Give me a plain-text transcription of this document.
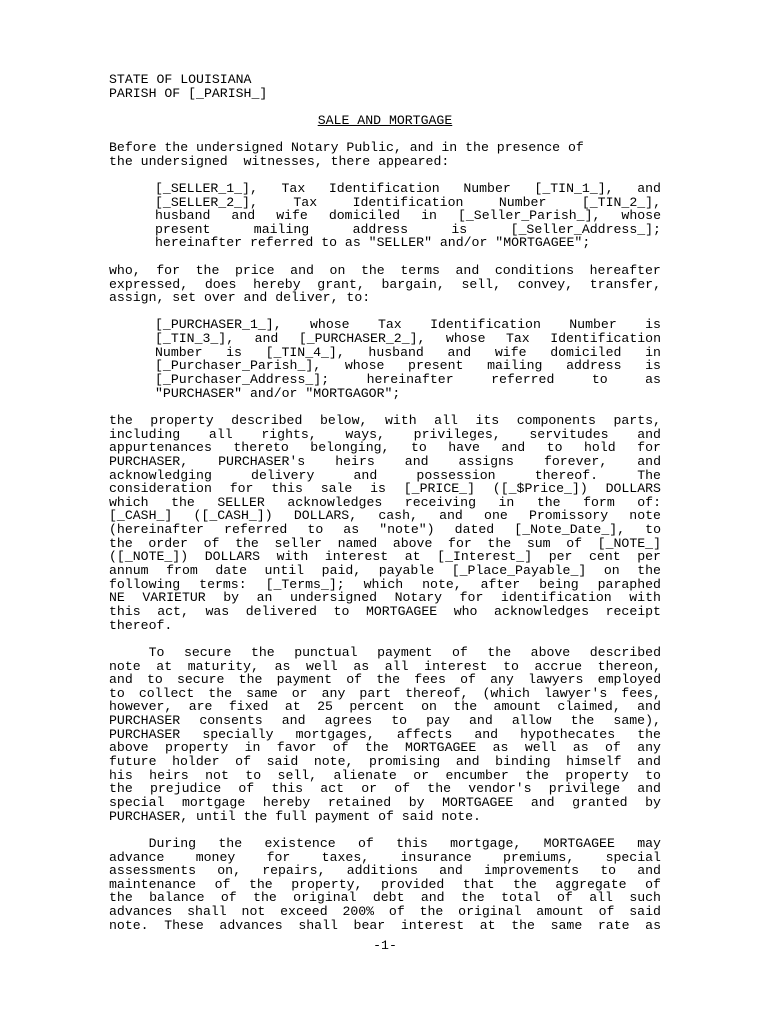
STATE OF LOUISIANA
PARISH OF [_PARISH_]
SALE AND MORTGAGE
Before the undersigned Notary Public, and in the presence of
the undersigned  witnesses, there appeared:
[_SELLER_1_], Tax Identification Number [_TIN_1_], and
[_SELLER_2_],	Tax	Identification	Number	[_TIN_2_],
husband and wife domiciled in [_Seller_Parish_], whose
present	mailing	address	is	[_Seller_Address_];
hereinafter referred to as "SELLER" and/or "MORTGAGEE";
who, for the price and on the terms and conditions hereafter
expressed, does hereby grant, bargain, sell, convey, transfer,
assign, set over and deliver, to:
[_PURCHASER_1_], whose Tax Identification Number is
[_TIN_3_], and [_PURCHASER_2_], whose Tax Identification
Number is [_TIN_4_], husband and wife domiciled in
[_Purchaser_Parish_], whose present mailing address is
[_Purchaser_Address_];	hereinafter	referred	to	as
"PURCHASER" and/or "MORTGAGOR";
the property described below, with all its components parts,
including all rights, ways, privileges, servitudes and
appurtenances thereto belonging, to have and to hold for
PURCHASER, PURCHASER's heirs and assigns forever, and
acknowledging	delivery	and	possession	thereof.	The
consideration for this sale is [_PRICE_] ([_$Price_]) DOLLARS
which the SELLER acknowledges receiving in the form of:
[_CASH_] ([_CASH_]) DOLLARS, cash, and one Promissory note
(hereinafter referred to as "note") dated [_Note_Date_], to
the order of the seller named above for the sum of [_NOTE_]
([_NOTE_]) DOLLARS with interest at [_Interest_] per cent per
annum from date until paid, payable [_Place_Payable_] on the
following terms: [_Terms_]; which note, after being paraphed
NE VARIETUR by an undersigned Notary for identification with
this act, was delivered to MORTGAGEE who acknowledges receipt
thereof.
To secure the punctual payment of the above described
note at maturity, as well as all interest to accrue thereon,
and to secure the payment of the fees of any lawyers employed
to collect the same or any part thereof, (which lawyer's fees,
however, are fixed at 25 percent on the amount claimed, and
PURCHASER consents and agrees to pay and allow the same),
PURCHASER specially mortgages, affects and hypothecates the
above property in favor of the MORTGAGEE as well as of any
future holder of said note, promising and binding himself and
his heirs not to sell, alienate or encumber the property to
the prejudice of this act or of the vendor's privilege and
special mortgage hereby retained by MORTGAGEE and granted by
PURCHASER, until the full payment of said note.
During the existence of this mortgage, MORTGAGEE may
advance money for taxes, insurance premiums, special
assessments on, repairs, additions and improvements to and
maintenance of the property, provided that the aggregate of
the balance of the original debt and the total of all such
advances shall not exceed 200% of the original amount of said
note. These advances shall bear interest at the same rate as
-1-
